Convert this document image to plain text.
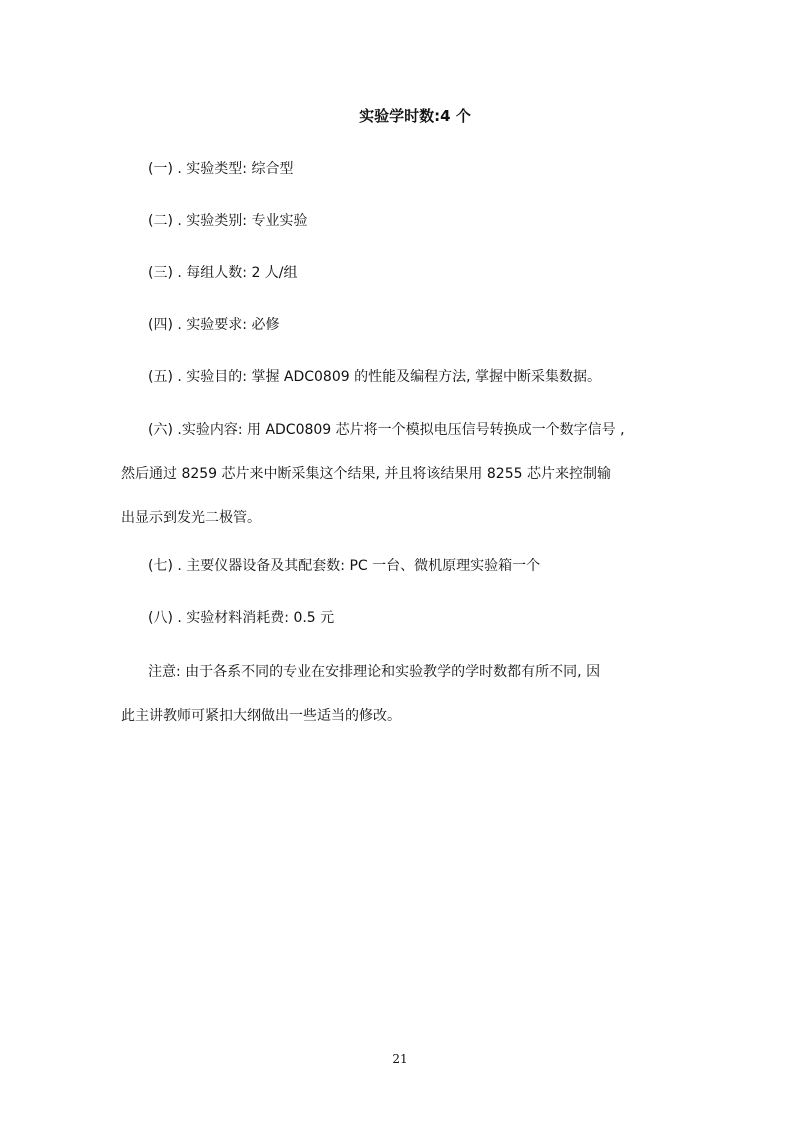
实验学时数:4 个
(一) . 实验类型: 综合型
(二) . 实验类别: 专业实验
(三) . 每组人数: 2 人/组
(四) . 实验要求: 必修
(五) . 实验目的: 掌握 ADC0809 的性能及编程方法, 掌握中断采集数据。
(六) .实验内容: 用 ADC0809 芯片将一个模拟电压信号转换成一个数字信号 ,
然后通过 8259 芯片来中断采集这个结果, 并且将该结果用 8255 芯片来控制输
出显示到发光二极管。
(七) . 主要仪器设备及其配套数: PC 一台、微机原理实验箱一个
(八) . 实验材料消耗费: 0.5 元
注意: 由于各系不同的专业在安排理论和实验教学的学时数都有所不同, 因
此主讲教师可紧扣大纲做出一些适当的修改。
21
